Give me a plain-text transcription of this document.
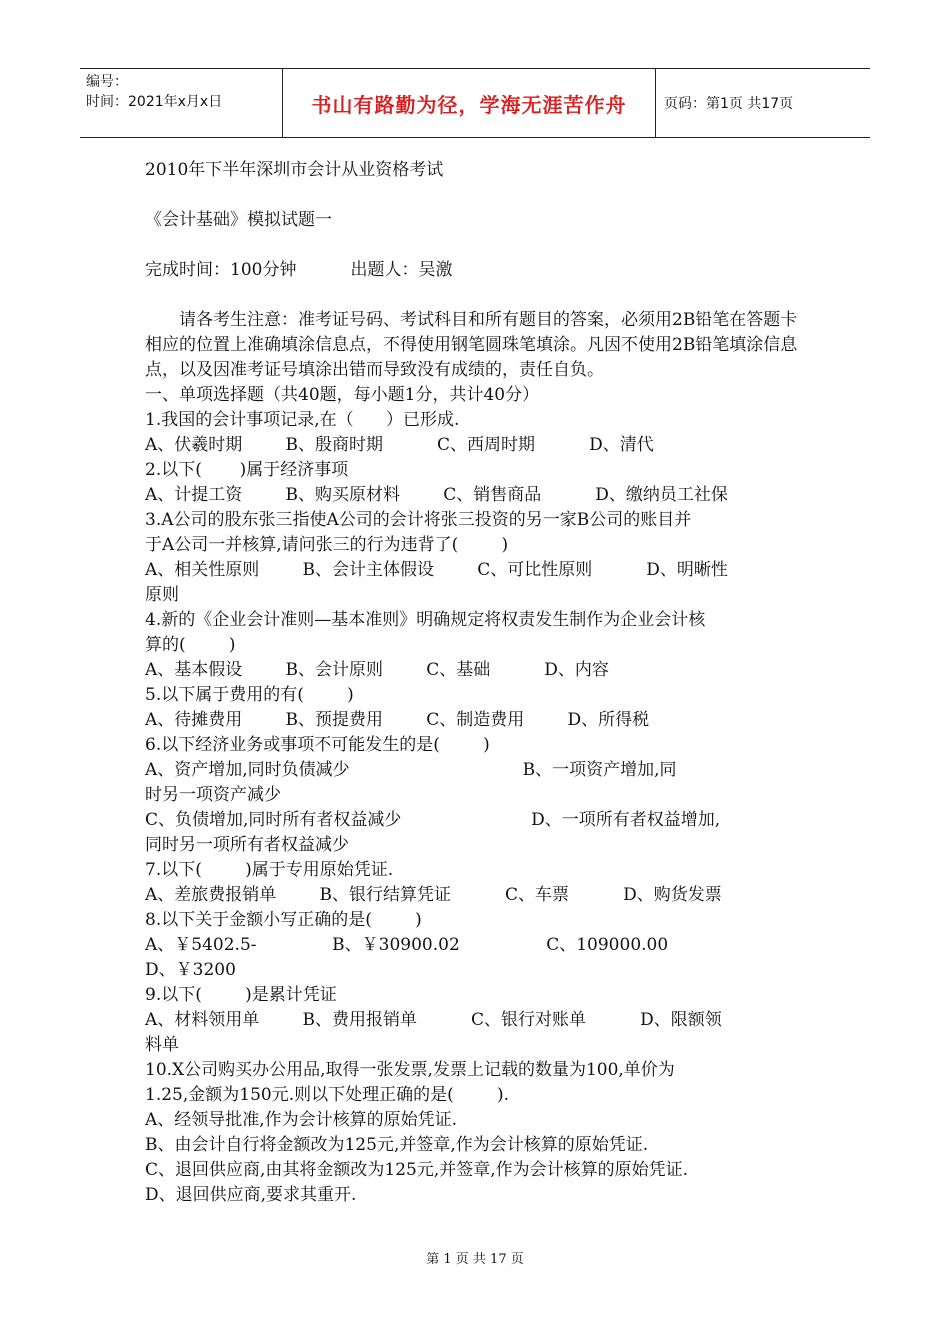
编号：
时间：2021年x月x日	书山有路勤为径，学海无涯苦作舟	页码：第1页 共17页
2010年下半年深圳市会计从业资格考试
《会计基础》模拟试题一
完成时间：100分钟          出题人：吴激
请各考生注意：准考证号码、考试科目和所有题目的答案，必须用2B铅笔在答题卡相应的位置上准确填涂信息点，不得使用钢笔圆珠笔填涂。凡因不使用2B铅笔填涂信息点，以及因准考证号填涂出错而导致没有成绩的，责任自负。
一、单项选择题（共40题，每小题1分，共计40分）
1.我国的会计事项记录,在（      ）已形成.
A、伏羲时期        B、殷商时期          C、西周时期          D、清代
2.以下(       )属于经济事项
A、计提工资        B、购买原材料        C、销售商品          D、缴纳员工社保
3.A公司的股东张三指使A公司的会计将张三投资的另一家B公司的账目并
于A公司一并核算,请问张三的行为违背了(        )
A、相关性原则        B、会计主体假设        C、可比性原则          D、明晰性
原则
4.新的《企业会计准则—基本准则》明确规定将权责发生制作为企业会计核
算的(        )
A、基本假设        B、会计原则        C、基础          D、内容
5.以下属于费用的有(        )
A、待摊费用        B、预提费用        C、制造费用        D、所得税
6.以下经济业务或事项不可能发生的是(        )
A、资产增加,同时负债减少                                B、一项资产增加,同
时另一项资产减少
C、负债增加,同时所有者权益减少                        D、一项所有者权益增加,
同时另一项所有者权益减少
7.以下(        )属于专用原始凭证.
A、差旅费报销单        B、银行结算凭证          C、车票          D、购货发票
8.以下关于金额小写正确的是(        )
A、￥5402.5-              B、￥30900.02                C、109000.00
D、￥3200
9.以下(        )是累计凭证
A、材料领用单        B、费用报销单          C、银行对账单          D、限额领
料单
10.X公司购买办公用品,取得一张发票,发票上记载的数量为100,单价为
1.25,金额为150元.则以下处理正确的是(        ).
A、经领导批准,作为会计核算的原始凭证.
B、由会计自行将金额改为125元,并签章,作为会计核算的原始凭证.
C、退回供应商,由其将金额改为125元,并签章,作为会计核算的原始凭证.
D、退回供应商,要求其重开.
第 1 页 共 17 页
